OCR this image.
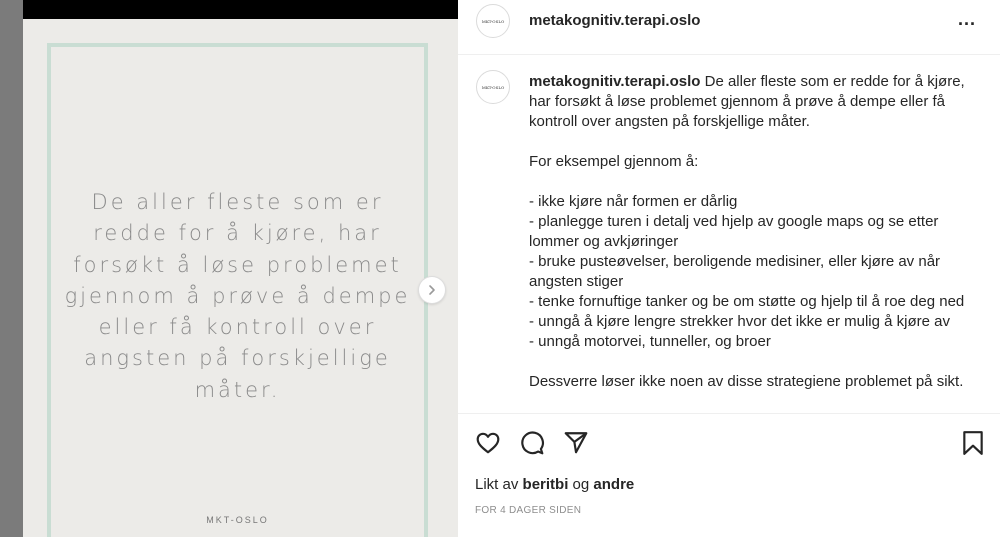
De aller fleste som er
redde for å kjøre, har
forsøkt å løse problemet
gjennom å prøve å dempe
eller få kontroll over
angsten på forskjellige
måter.
MKT-OSLO
MKT-OSLO metakognitiv.terapi.oslo	...
MKT-OSLO metakognitiv.terapi.oslo De aller fleste som er redde for å kjøre, har forsøkt å løse problemet gjennom å prøve å dempe eller få kontroll over angsten på forskjellige måter.

For eksempel gjennom å:

- ikke kjøre når formen er dårlig

- planlegge turen i detalj ved hjelp av google maps og se etter lommer og avkjøringer

- bruke pusteøvelser, beroligende medisiner, eller kjøre av når angsten stiger

- tenke fornuftige tanker og be om støtte og hjelp til å roe deg ned

- unngå å kjøre lengre strekker hvor det ikke er mulig å kjøre av

- unngå motorvei, tunneller, og broer

Dessverre løser ikke noen av disse strategiene problemet på sikt.

Likt av beritbi og andre
FOR 4 DAGER SIDEN
